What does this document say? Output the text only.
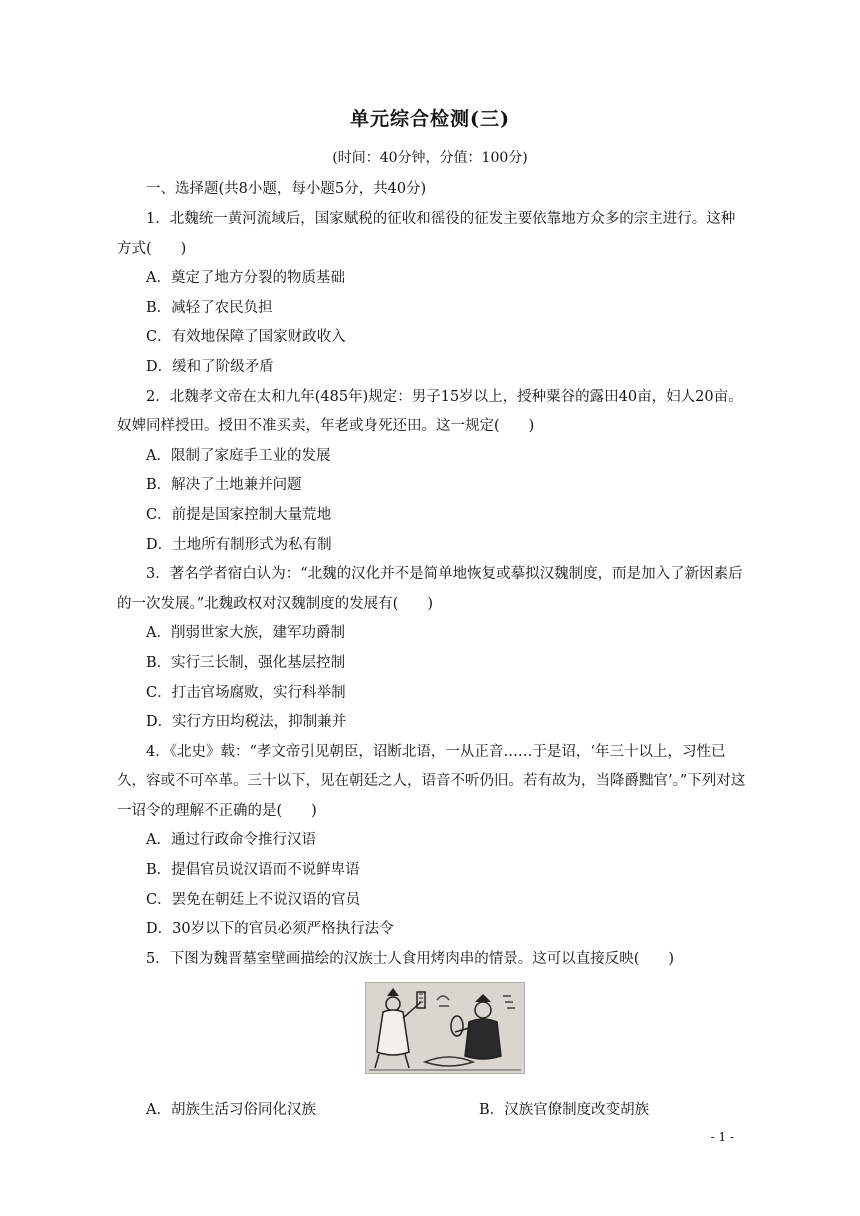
单元综合检测(三)
(时间：40分钟，分值：100分)
一、选择题(共8小题，每小题5分，共40分)

1．北魏统一黄河流域后，国家赋税的征收和徭役的征发主要依靠地方众多的宗主进行。这种方式(　　)

A．奠定了地方分裂的物质基础

B．减轻了农民负担

C．有效地保障了国家财政收入

D．缓和了阶级矛盾

2．北魏孝文帝在太和九年(485年)规定：男子15岁以上，授种粟谷的露田40亩，妇人20亩。奴婢同样授田。授田不准买卖，年老或身死还田。这一规定(　　)

A．限制了家庭手工业的发展

B．解决了土地兼并问题

C．前提是国家控制大量荒地

D．土地所有制形式为私有制

3．著名学者宿白认为：“北魏的汉化并不是简单地恢复或摹拟汉魏制度，而是加入了新因素后的一次发展。”北魏政权对汉魏制度的发展有(　　)

A．削弱世家大族，建军功爵制

B．实行三长制，强化基层控制

C．打击官场腐败，实行科举制

D．实行方田均税法，抑制兼并

4．《北史》载：“孝文帝引见朝臣，诏断北语，一从正音……于是诏，‘年三十以上，习性已久，容或不可卒革。三十以下，见在朝廷之人，语音不听仍旧。若有故为，当降爵黜官’。”下列对这一诏令的理解不正确的是(　　)

A．通过行政命令推行汉语

B．提倡官员说汉语而不说鲜卑语

C．罢免在朝廷上不说汉语的官员

D．30岁以下的官员必须严格执行法令

5．下图为魏晋墓室壁画描绘的汉族士人食用烤肉串的情景。这可以直接反映(　　)

A．胡族生活习俗同化汉族	B．汉族官僚制度改变胡族
- 1 -
